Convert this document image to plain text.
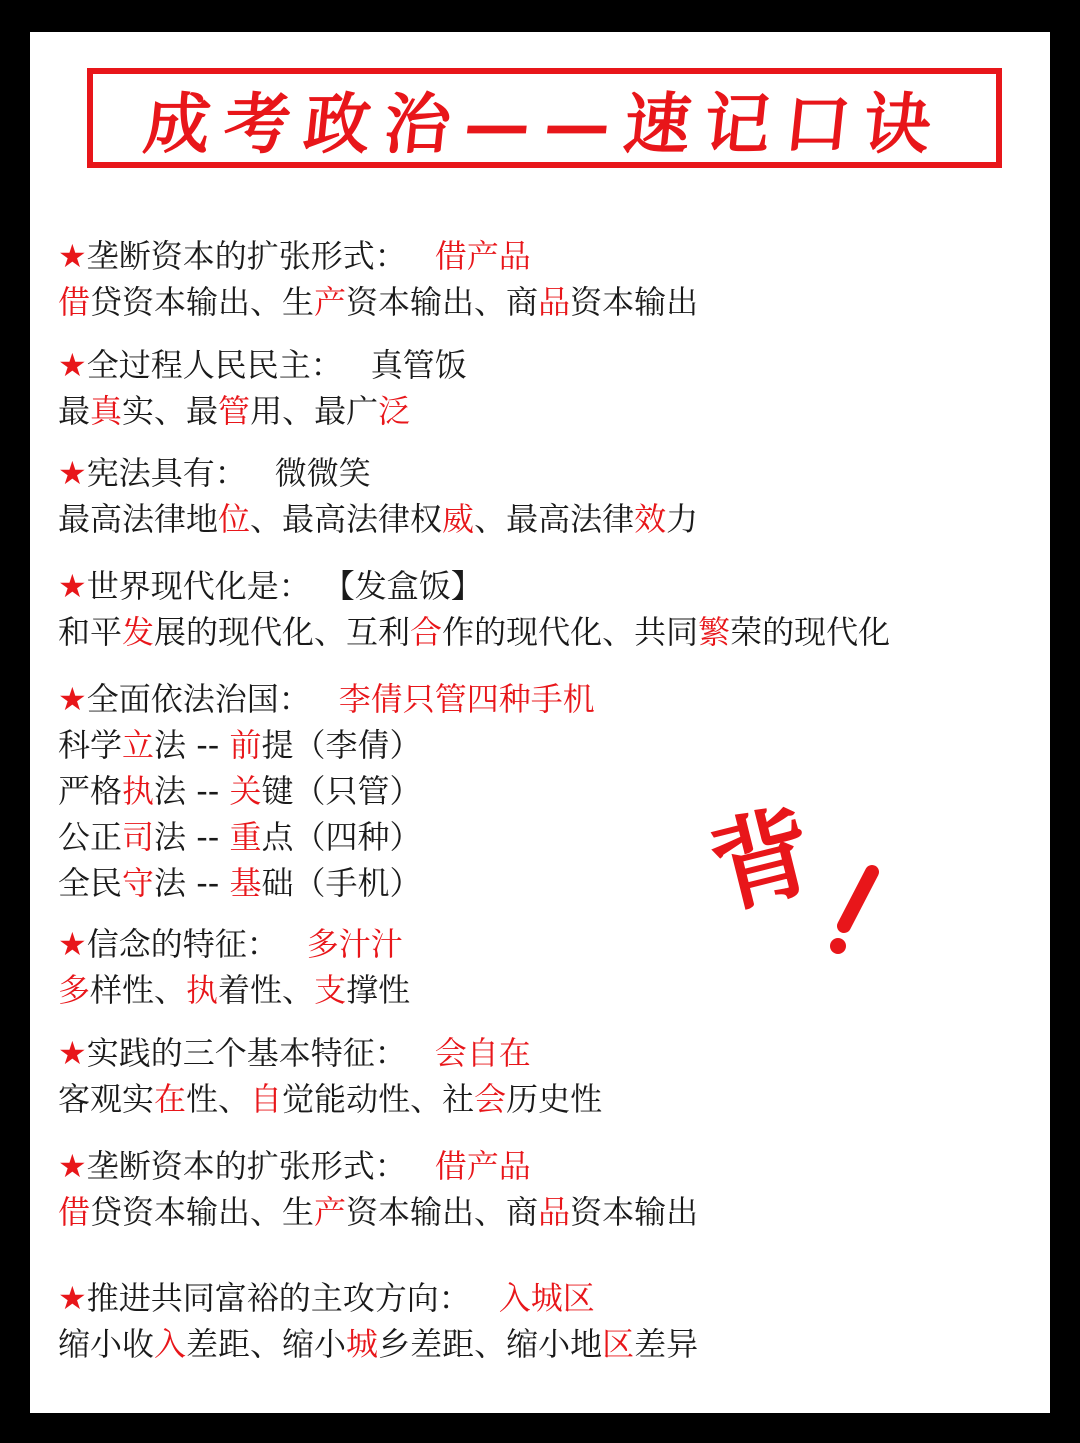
成考政治——速记口诀
★垄断资本的扩张形式： 借产品
借贷资本输出、生产资本输出、商品资本输出
★全过程人民民主： 真管饭
最真实、最管用、最广泛
★宪法具有： 微微笑
最高法律地位、最高法律权威、最高法律效力
★世界现代化是： 【发盒饭】
和平发展的现代化、互利合作的现代化、共同繁荣的现代化
★全面依法治国： 李倩只管四种手机
科学立法 -- 前提（李倩）
严格执法 -- 关键（只管）
公正司法 -- 重点（四种）
全民守法 -- 基础（手机）
★信念的特征： 多汁汁
多样性、执着性、支撑性
★实践的三个基本特征： 会自在
客观实在性、自觉能动性、社会历史性
★垄断资本的扩张形式： 借产品
借贷资本输出、生产资本输出、商品资本输出
★推进共同富裕的主攻方向： 入城区
缩小收入差距、缩小城乡差距、缩小地区差异
背
